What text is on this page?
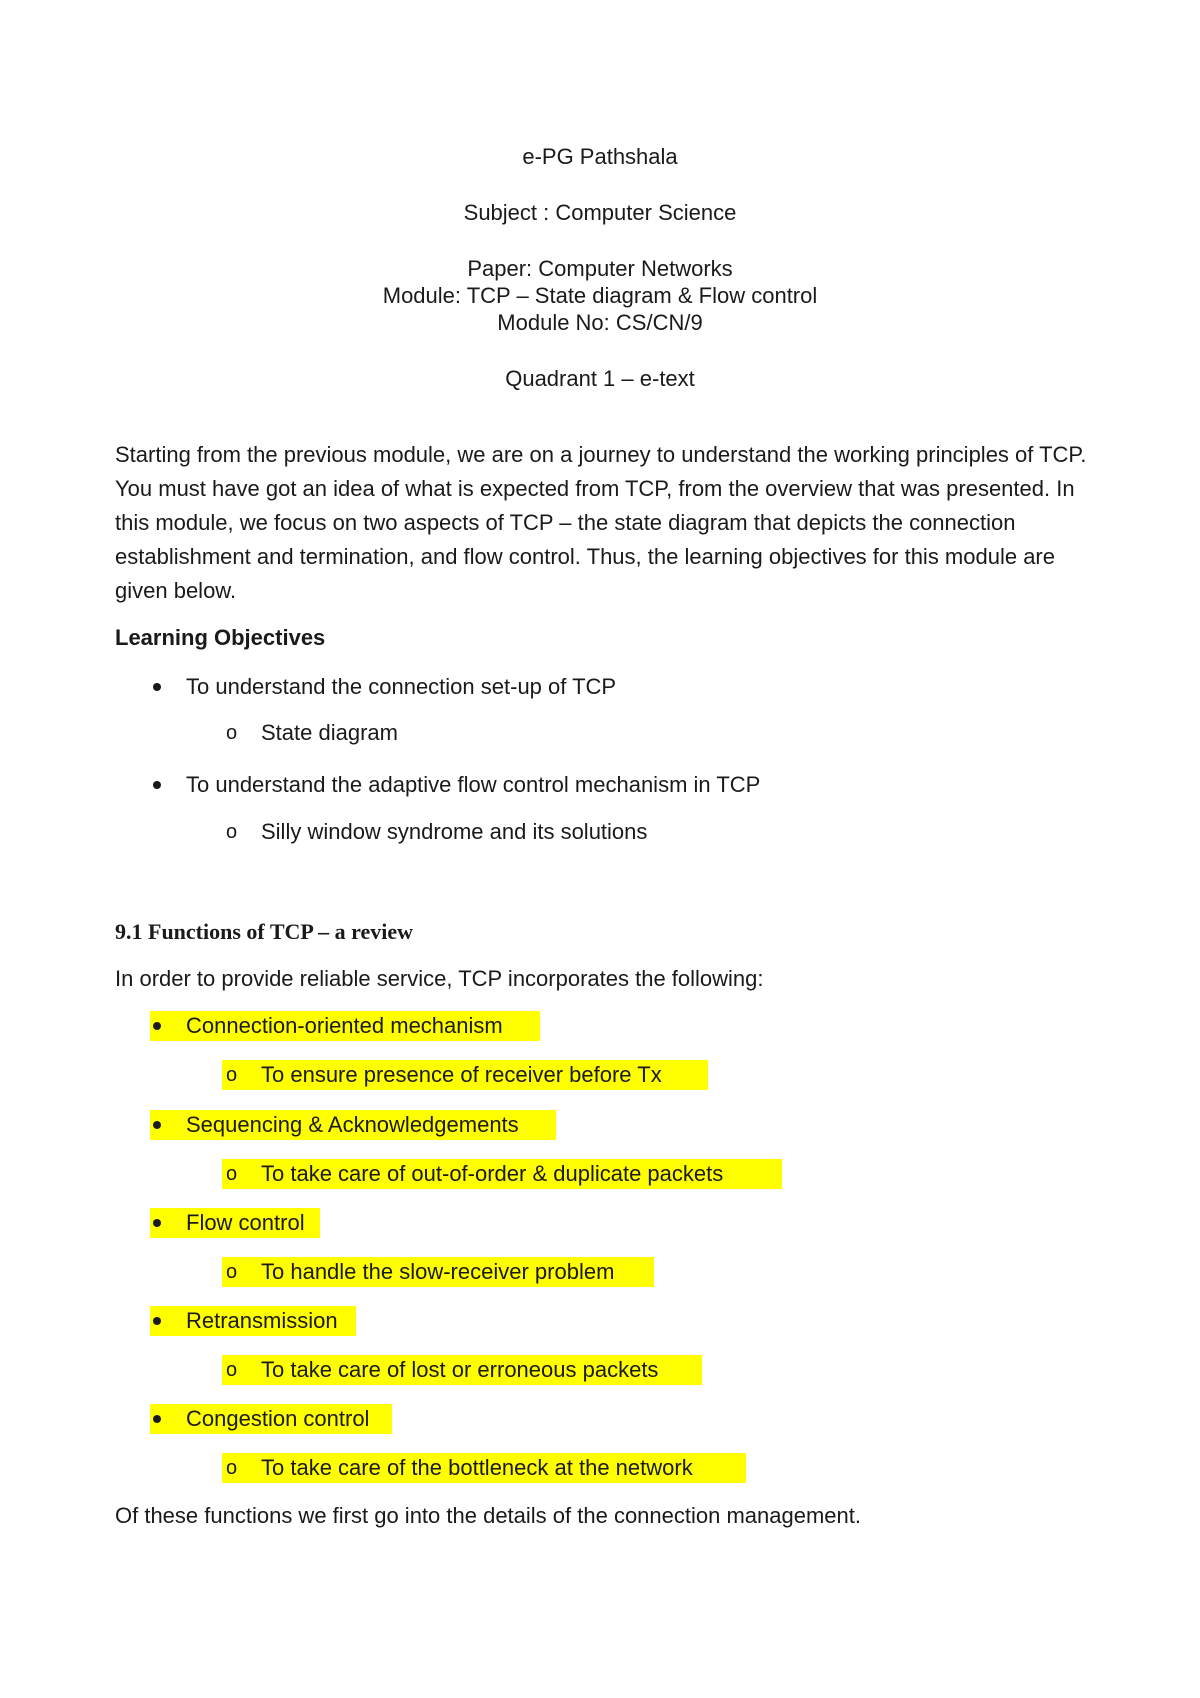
e-PG Pathshala
Subject : Computer Science
Paper: Computer Networks
Module: TCP – State diagram & Flow control
Module No: CS/CN/9
Quadrant 1 – e-text

Starting from the previous module, we are on a journey to understand the working principles of TCP. You must have got an idea of what is expected from TCP, from the overview that was presented. In this module, we focus on two aspects of TCP – the state diagram that depicts the connection establishment and termination, and flow control. Thus, the learning objectives for this module are given below.

Learning Objectives
To understand the connection set-up of TCP
o State diagram
To understand the adaptive flow control mechanism in TCP
o Silly window syndrome and its solutions
9.1 Functions of TCP – a review
In order to provide reliable service, TCP incorporates the following:
Connection-oriented mechanism
o To ensure presence of receiver before Tx
Sequencing & Acknowledgements
o To take care of out-of-order & duplicate packets
Flow control
o To handle the slow-receiver problem
Retransmission
o To take care of lost or erroneous packets
Congestion control
o To take care of the bottleneck at the network
Of these functions we first go into the details of the connection management.
